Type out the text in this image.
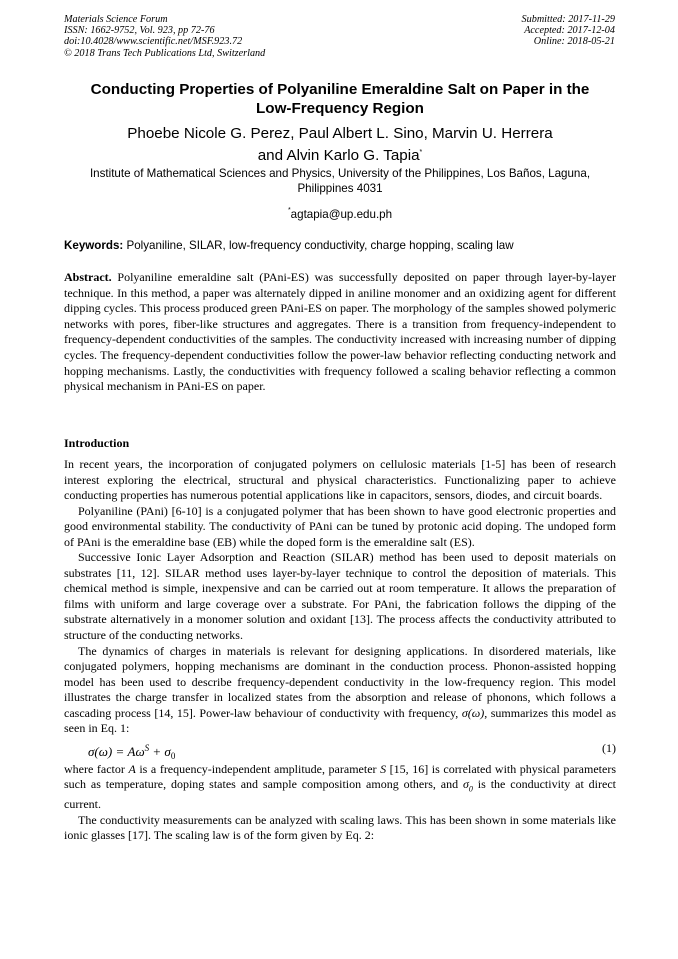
Materials Science Forum
ISSN: 1662-9752, Vol. 923, pp 72-76
doi:10.4028/www.scientific.net/MSF.923.72
© 2018 Trans Tech Publications Ltd, Switzerland
Submitted: 2017-11-29
Accepted: 2017-12-04
Online: 2018-05-21
Conducting Properties of Polyaniline Emeraldine Salt on Paper in the
Low-Frequency Region
Phoebe Nicole G. Perez, Paul Albert L. Sino, Marvin U. Herrera
and Alvin Karlo G. Tapia*
Institute of Mathematical Sciences and Physics, University of the Philippines, Los Baños, Laguna,
Philippines 4031
*agtapia@up.edu.ph
Keywords: Polyaniline, SILAR, low-frequency conductivity, charge hopping, scaling law
Abstract. Polyaniline emeraldine salt (PAni-ES) was successfully deposited on paper through layer-by-layer technique. In this method, a paper was alternately dipped in aniline monomer and an oxidizing agent for different dipping cycles. This process produced green PAni-ES on paper. The morphology of the samples showed polymeric networks with pores, fiber-like structures and aggregates. There is a transition from frequency-independent to frequency-dependent conductivities of the samples. The conductivity increased with increasing number of dipping cycles. The frequency-dependent conductivities follow the power-law behavior reflecting conducting network and hopping mechanisms. Lastly, the conductivities with frequency followed a scaling behavior reflecting a common physical mechanism in PAni-ES on paper.
Introduction

In recent years, the incorporation of conjugated polymers on cellulosic materials [1-5] has been of research interest exploring the electrical, structural and physical characteristics. Functionalizing paper to achieve conducting properties has numerous potential applications like in capacitors, sensors, diodes, and circuit boards.

Polyaniline (PAni) [6-10] is a conjugated polymer that has been shown to have good electronic properties and good environmental stability. The conductivity of PAni can be tuned by protonic acid doping. The undoped form of PAni is the emeraldine base (EB) while the doped form is the emeraldine salt (ES).

Successive Ionic Layer Adsorption and Reaction (SILAR) method has been used to deposit materials on substrates [11, 12]. SILAR method uses layer-by-layer technique to control the deposition of materials. This chemical method is simple, inexpensive and can be carried out at room temperature. It allows the preparation of films with uniform and large coverage over a substrate. For PAni, the fabrication follows the dipping of the substrate alternatively in a monomer solution and oxidant [13]. The process affects the conductivity attributed to structure of the conducting networks.

The dynamics of charges in materials is relevant for designing applications. In disordered materials, like conjugated polymers, hopping mechanisms are dominant in the conduction process. Phonon-assisted hopping model has been used to describe frequency-dependent conductivity in the low-frequency region. This model illustrates the charge transfer in localized states from the absorption and release of phonons, which follows a cascading process [14, 15]. Power-law behaviour of conductivity with frequency, σ(ω), summarizes this model as seen in Eq. 1:

$\sigma(\omega) = A\omega^S + \sigma_0$
(1)

where factor A is a frequency-independent amplitude, parameter S [15, 16] is correlated with physical parameters such as temperature, doping states and sample composition among others, and $\sigma_0$ is the conductivity at direct current.

The conductivity measurements can be analyzed with scaling laws. This has been shown in some materials like ionic glasses [17]. The scaling law is of the form given by Eq. 2:
